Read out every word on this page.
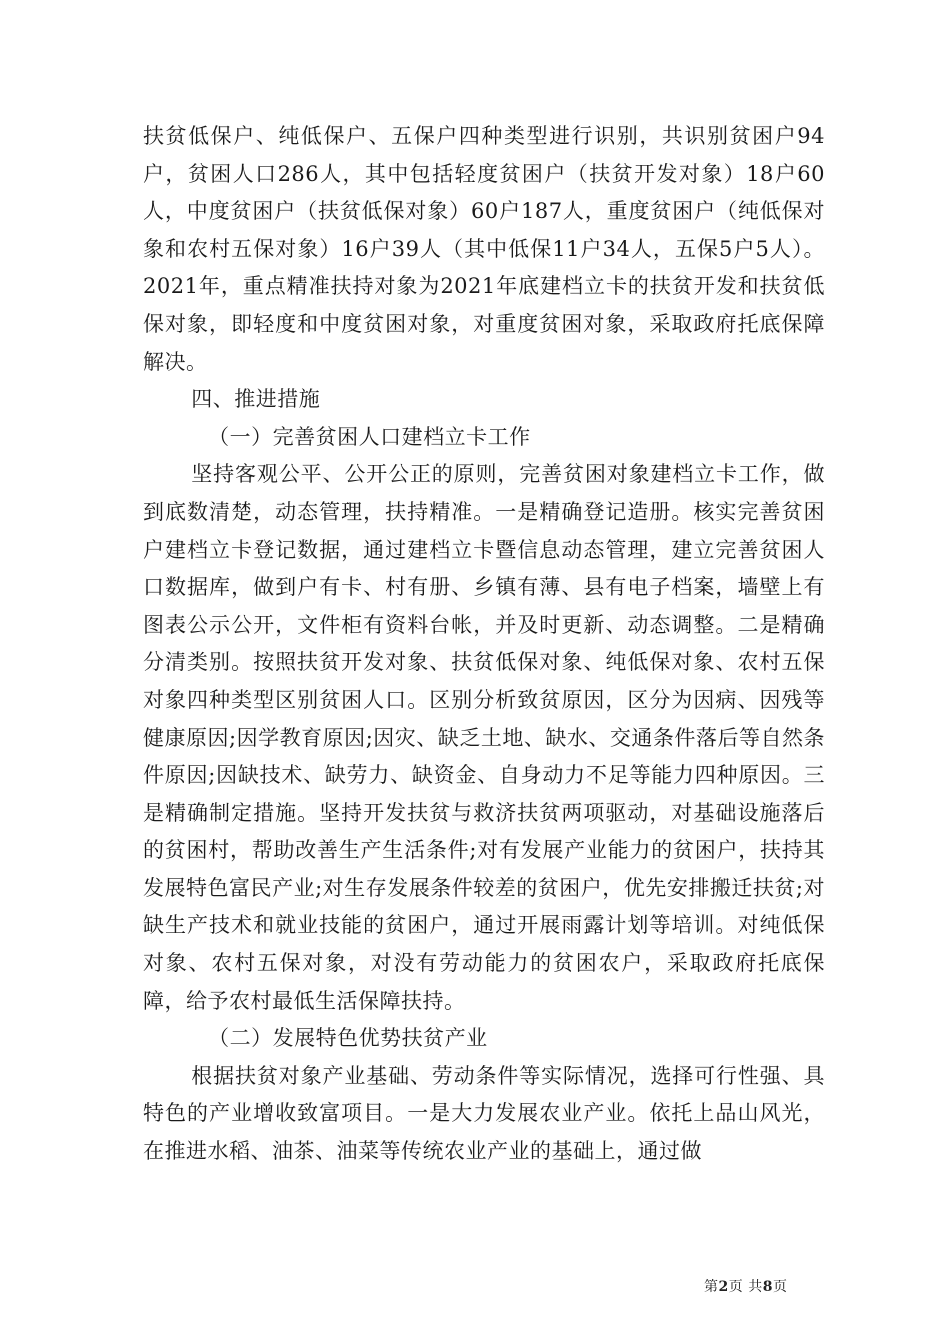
扶贫低保户、纯低保户、五保户四种类型进行识别，共识别贫困户94户，贫困人口286人，其中包括轻度贫困户（扶贫开发对象）18户60人，中度贫困户（扶贫低保对象）60户187人，重度贫困户（纯低保对象和农村五保对象）16户39人（其中低保11户34人，五保5户5人）。2021年，重点精准扶持对象为2021年底建档立卡的扶贫开发和扶贫低保对象，即轻度和中度贫困对象，对重度贫困对象，采取政府托底保障解决。

四、推进措施

（一）完善贫困人口建档立卡工作

坚持客观公平、公开公正的原则，完善贫困对象建档立卡工作，做到底数清楚，动态管理，扶持精准。一是精确登记造册。核实完善贫困户建档立卡登记数据，通过建档立卡暨信息动态管理，建立完善贫困人口数据库，做到户有卡、村有册、乡镇有薄、县有电子档案，墙壁上有图表公示公开，文件柜有资料台帐，并及时更新、动态调整。二是精确分清类别。按照扶贫开发对象、扶贫低保对象、纯低保对象、农村五保对象四种类型区别贫困人口。区别分析致贫原因，区分为因病、因残等健康原因;因学教育原因;因灾、缺乏土地、缺水、交通条件落后等自然条件原因;因缺技术、缺劳力、缺资金、自身动力不足等能力四种原因。三是精确制定措施。坚持开发扶贫与救济扶贫两项驱动，对基础设施落后的贫困村，帮助改善生产生活条件;对有发展产业能力的贫困户，扶持其发展特色富民产业;对生存发展条件较差的贫困户，优先安排搬迁扶贫;对缺生产技术和就业技能的贫困户，通过开展雨露计划等培训。对纯低保对象、农村五保对象，对没有劳动能力的贫困农户，采取政府托底保障，给予农村最低生活保障扶持。

（二）发展特色优势扶贫产业

根据扶贫对象产业基础、劳动条件等实际情况，选择可行性强、具特色的产业增收致富项目。一是大力发展农业产业。依托上品山风光，在推进水稻、油茶、油菜等传统农业产业的基础上，通过做

第2页 共8页
